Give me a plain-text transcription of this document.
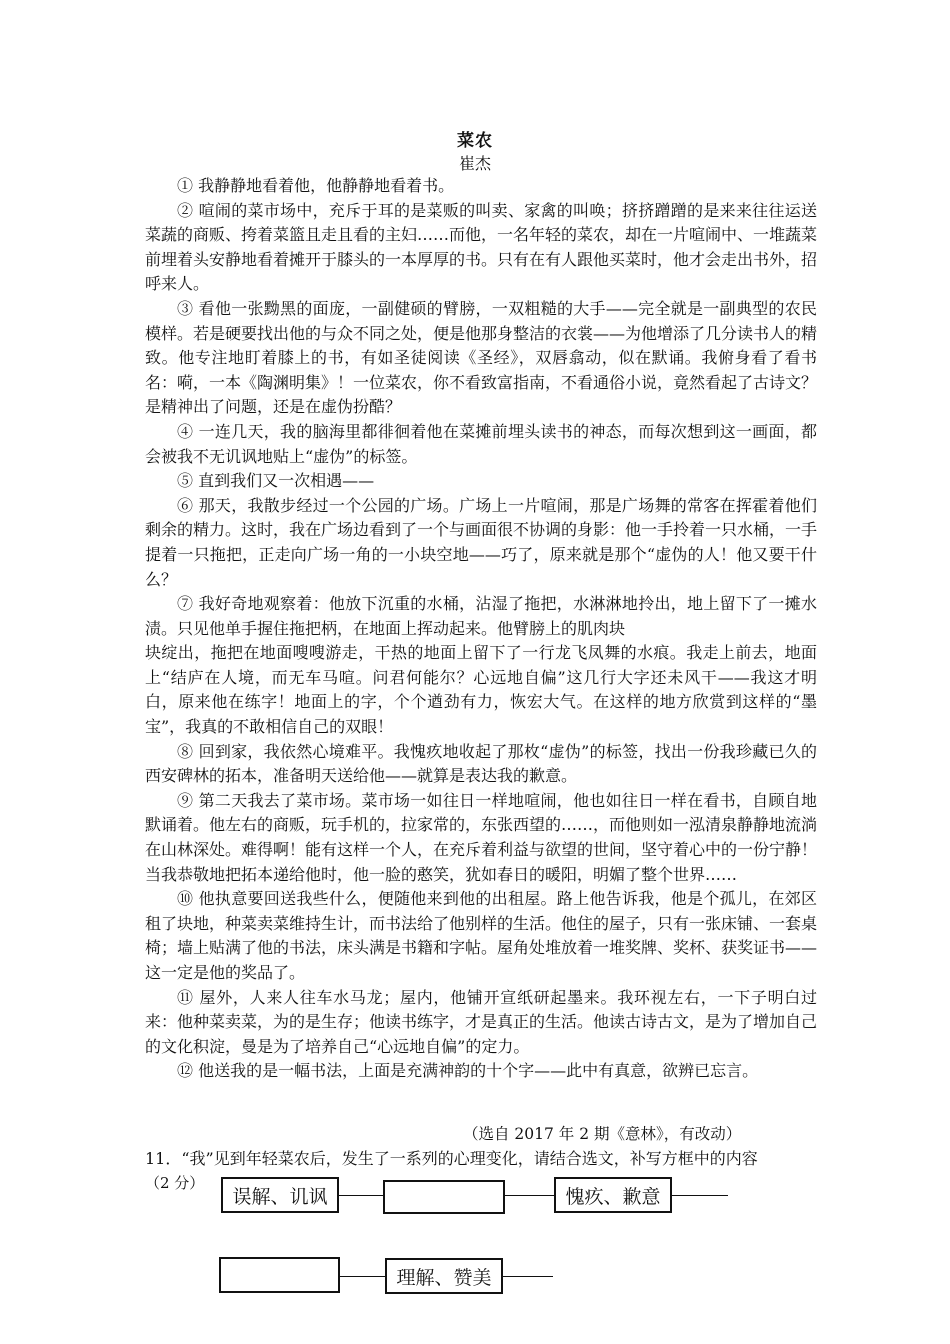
菜农
崔杰

① 我静静地看着他，他静静地看着书。

② 喧闹的菜市场中，充斥于耳的是菜贩的叫卖、家禽的叫唤；挤挤蹭蹭的是来来往往运送菜蔬的商贩、挎着菜篮且走且看的主妇……而他，一名年轻的菜农，却在一片喧闹中、一堆蔬菜前埋着头安静地看着摊开于膝头的一本厚厚的书。只有在有人跟他买菜时，他才会走出书外，招呼来人。

③ 看他一张黝黑的面庞，一副健硕的臂膀，一双粗糙的大手——完全就是一副典型的农民模样。若是硬要找出他的与众不同之处，便是他那身整洁的衣裳——为他增添了几分读书人的精致。他专注地盯着膝上的书，有如圣徒阅读《圣经》，双唇翕动，似在默诵。我俯身看了看书名：嗬，一本《陶渊明集》！一位菜农，你不看致富指南，不看通俗小说，竟然看起了古诗文？是精神出了问题，还是在虚伪扮酷？

④ 一连几天，我的脑海里都徘徊着他在菜摊前埋头读书的神态，而每次想到这一画面，都会被我不无讥讽地贴上“虚伪”的标签。

⑤ 直到我们又一次相遇——

⑥ 那天，我散步经过一个公园的广场。广场上一片喧闹，那是广场舞的常客在挥霍着他们剩余的精力。这时，我在广场边看到了一个与画面很不协调的身影：他一手拎着一只水桶，一手提着一只拖把，正走向广场一角的一小块空地——巧了，原来就是那个“虚伪的人！他又要干什么？

⑦ 我好奇地观察着：他放下沉重的水桶，沾湿了拖把，水淋淋地拎出，地上留下了一摊水渍。只见他单手握住拖把柄，在地面上挥动起来。他臂膀上的肌肉块

块绽出，拖把在地面嗖嗖游走，干热的地面上留下了一行龙飞凤舞的水痕。我走上前去，地面上“结庐在人境，而无车马喧。问君何能尔？心远地自偏”这几行大字还未风干——我这才明白，原来他在练字！地面上的字，个个遒劲有力，恢宏大气。在这样的地方欣赏到这样的“墨宝”，我真的不敢相信自己的双眼！

⑧ 回到家，我依然心境难平。我愧疚地收起了那枚“虚伪”的标签，找出一份我珍藏已久的西安碑林的拓本，准备明天送给他——就算是表达我的歉意。

⑨ 第二天我去了菜市场。菜市场一如往日一样地喧闹，他也如往日一样在看书，自顾自地默诵着。他左右的商贩，玩手机的，拉家常的，东张西望的……，而他则如一泓清泉静静地流淌在山林深处。难得啊！能有这样一个人，在充斥着利益与欲望的世间，坚守着心中的一份宁静！当我恭敬地把拓本递给他时，他一脸的憨笑，犹如春日的暖阳，明媚了整个世界……

⑩ 他执意要回送我些什么，便随他来到他的出租屋。路上他告诉我，他是个孤儿，在郊区租了块地，种菜卖菜维持生计，而书法给了他别样的生活。他住的屋子，只有一张床铺、一套桌椅；墙上贴满了他的书法，床头满是书籍和字帖。屋角处堆放着一堆奖牌、奖杯、获奖证书——这一定是他的奖品了。

⑪ 屋外，人来人往车水马龙；屋内，他铺开宣纸研起墨来。我环视左右，一下子明白过来：他种菜卖菜，为的是生存；他读书练字，才是真正的生活。他读古诗古文，是为了增加自己的文化积淀，曼是为了培养自己“心远地自偏”的定力。

⑫ 他送我的是一幅书法，上面是充满神韵的十个字——此中有真意，欲辨已忘言。

（选自 2017 年 2 期《意林》，有改动）
11．“我”见到年轻菜农后，发生了一系列的心理变化，请结合选文，补写方框中的内容
（2 分）
误解、讥讽	愧疚、歉意
理解、赞美
